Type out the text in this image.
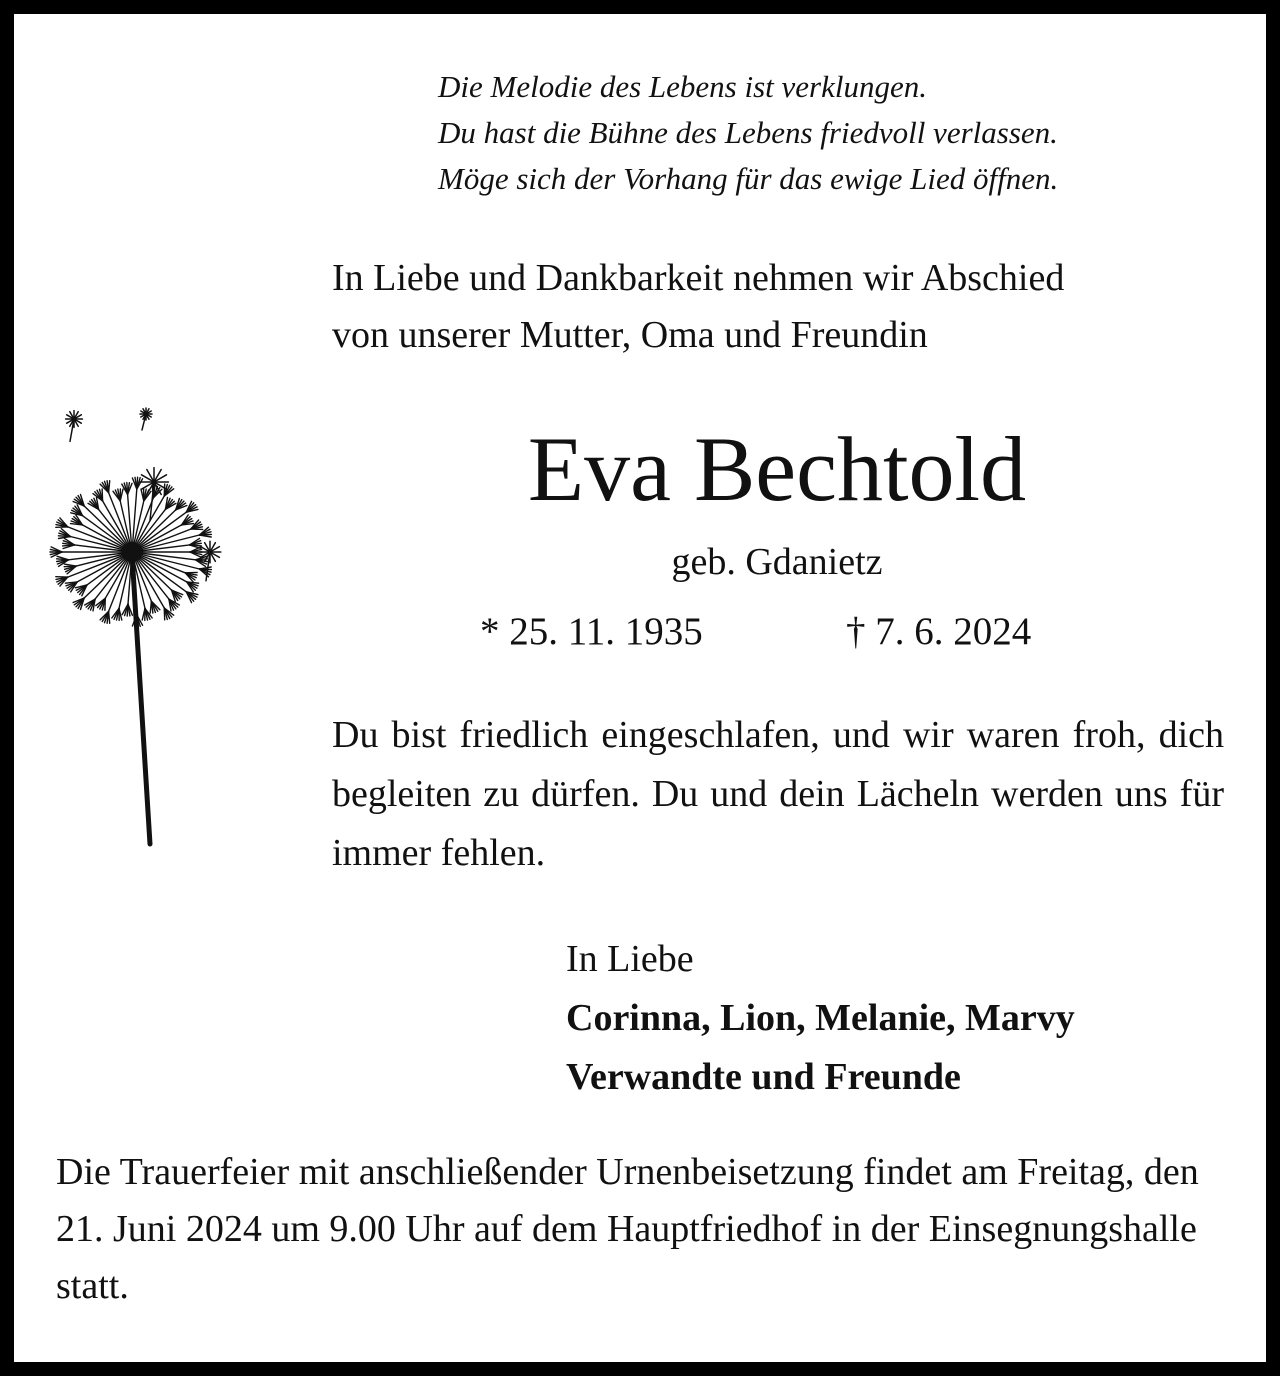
Die Melodie des Lebens ist verklungen.
Du hast die Bühne des Lebens friedvoll verlassen.
Möge sich der Vorhang für das ewige Lied öffnen.
In Liebe und Dankbarkeit nehmen wir Abschied
von unserer Mutter, Oma und Freundin
Eva Bechtold
geb. Gdanietz
* 25. 11. 1935	† 7. 6. 2024
Du bist friedlich eingeschlafen, und wir waren froh, dich begleiten zu dürfen. Du und dein Lächeln werden uns für immer fehlen.
In Liebe
Corinna, Lion, Melanie, Marvy
Verwandte und Freunde
Die Trauerfeier mit anschließender Urnenbeisetzung findet am Freitag, den 21. Juni 2024 um 9.00 Uhr auf dem Hauptfriedhof in der Einsegnungshalle statt.
